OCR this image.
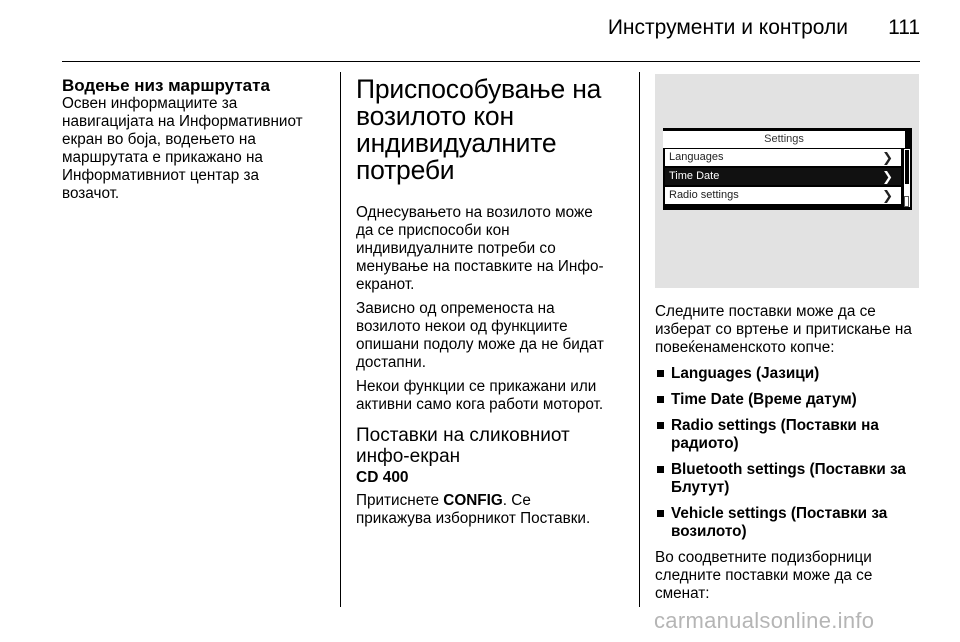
Инструменти и контроли 111
Водење низ маршрутата
Освен информациите за
навигацијата на Информативниот
екран во боја, водењето на
маршрутата е прикажано на
Информативниот центар за
возачот.
Приспособување на
возилото кон
индивидуалните
потреби
Однесувањето на возилото може
да се приспособи кон
индивидуалните потреби со
менување на поставките на Инфо-
екранот.
Зависно од опременоста на
возилото некои од функциите
опишани подолу може да не бидат
достапни.
Некои функции се прикажани или
активни само кога работи моторот.
Поставки на сликовниот
инфо-екран
CD 400
Притиснете CONFIG. Се
прикажува изборникот Поставки.
Settings
Languages	❯
Time Date	❯
Radio settings	❯
Следните поставки може да се
изберат со вртење и притискање на
повеќенаменското копче:
Languages (Јазици)
Time Date (Време датум)
Radio settings (Поставки на
радиото)
Bluetooth settings (Поставки за
Блутут)
Vehicle settings (Поставки за
возилото)
Во соодветните подизборници
следните поставки може да се
сменат:
carmanualsonline.info
